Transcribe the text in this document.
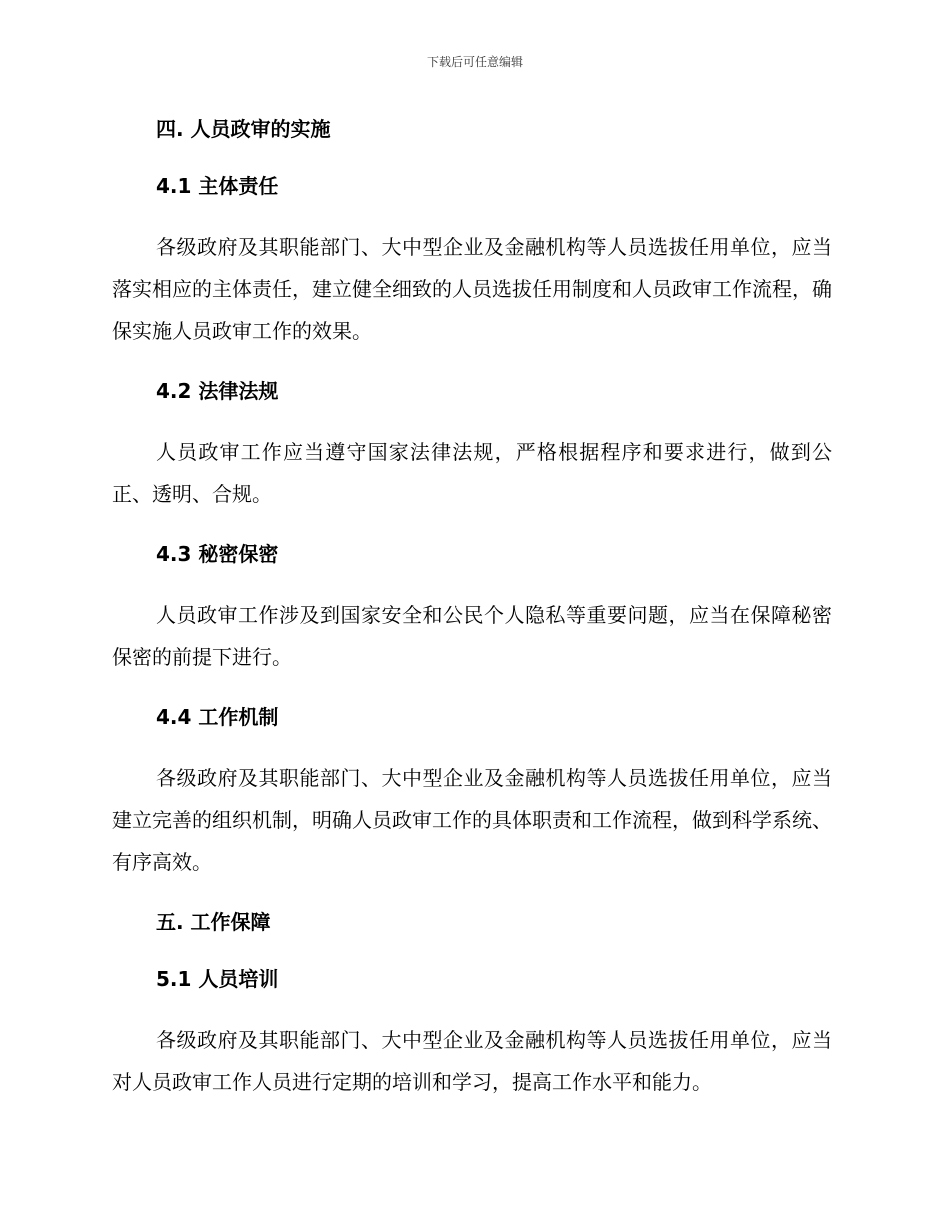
下载后可任意编辑
四. 人员政审的实施
4.1 主体责任

各级政府及其职能部门、大中型企业及金融机构等人员选拔任用单位，应当落实相应的主体责任，建立健全细致的人员选拔任用制度和人员政审工作流程，确保实施人员政审工作的效果。

4.2 法律法规

人员政审工作应当遵守国家法律法规，严格根据程序和要求进行，做到公正、透明、合规。

4.3 秘密保密

人员政审工作涉及到国家安全和公民个人隐私等重要问题，应当在保障秘密保密的前提下进行。

4.4 工作机制

各级政府及其职能部门、大中型企业及金融机构等人员选拔任用单位，应当建立完善的组织机制，明确人员政审工作的具体职责和工作流程，做到科学系统、有序高效。

五. 工作保障
5.1 人员培训

各级政府及其职能部门、大中型企业及金融机构等人员选拔任用单位，应当对人员政审工作人员进行定期的培训和学习，提高工作水平和能力。
